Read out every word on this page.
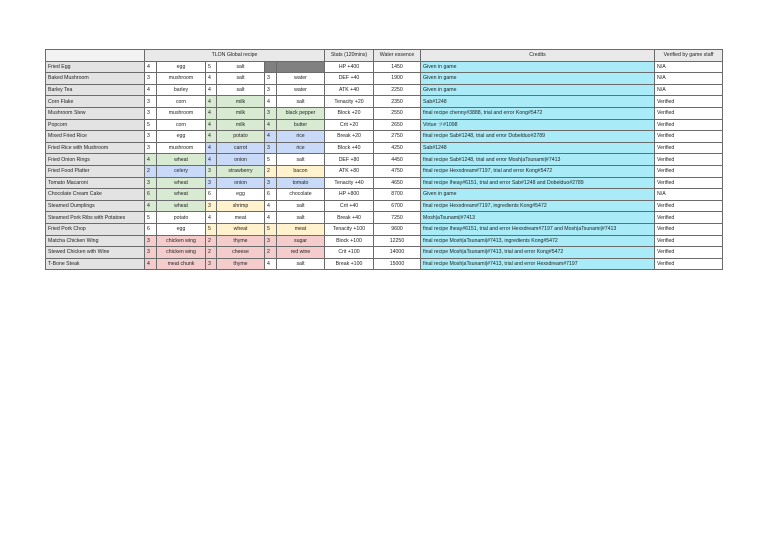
	TLON Global recipe						Stats (120mins)	Water essence	Credits	Verified by game staff
Fried Egg	4	egg	5	salt			HP +400	1450	Given in game	N/A
Baked Mushroom	3	mushroom	4	salt	3	water	DEF +40	1900	Given in game	N/A
Barley Tea	4	barley	4	salt	3	water	ATK +40	2250	Given in game	N/A
Corn Flake	3	corn	4	milk	4	salt	Tenacity +20	2350	Sab#1248	Verified
Mushroom Stew	3	mushroom	4	milk	3	black pepper	Block +20	2550	final recipe chenny#3888, trial and error Kong#5472	Verified
Popcorn	5	corn	4	milk	4	butter	Crit +20	2650	Virtue ツ#1098	Verified
Mixed Fried Rice	3	egg	4	potato	4	rice	Break +20	2750	final recipe Sab#1248, trial and error Dobelduo#2789	Verified
Fried Rice with Mushroom	3	mushroom	4	carrot	3	rice	Block +40	4250	Sab#1248	Verified
Fried Onion Rings	4	wheat	4	onion	5	salt	DEF +80	4450	final recipe Sab#1248, trial and error Mosh|aTsunami|#7413	Verified
Fried Food Platter	2	celery	3	strawberry	2	bacon	ATK +80	4750	final recipe Hexxdream#7197, trial and error Kong#5472	Verified
Tomato Macaroni	3	wheat	3	onion	3	tomato	Tenacity +40	4650	final recipe Iheay#6151, trial and error Sab#1248 and Dobelduo#2789	Verified
Chocolate Cream Cake	6	wheat	6	egg	6	chocolate	HP +800	8700	Given in game	N/A
Steamed Dumplings	4	wheat	3	shrimp	4	salt	Crit +40	6700	final recipe Hexxdream#7197, ingredients Kong#5472	Verified
Steamed Pork Ribs with Potatoes	5	potato	4	meat	4	salt	Break +40	7250	Mosh|aTsunami|#7413	Verified
Fried Pork Chop	6	egg	5	wheat	5	meat	Tenacity +100	9600	final recipe Iheay#6151, trial and error Hexxdream#7197 and Mosh|aTsunami|#7413	Verified
Matcha Chicken Wing	3	chicken wing	2	thyme	3	sugar	Block +100	12250	final recipe Mosh|aTsunami|#7413, ingredients Kong#5472	Verified
Stewed Chicken with Wine	3	chicken wing	2	cheese	2	red wine	Crit +100	14000	final recipe Mosh|aTsunami|#7413, trial and error Kong#5472	Verified
T-Bone Steak	4	meat chunk	3	thyme	4	salt	Break +100	15000	final recipe Mosh|aTsunami|#7413, trial and error Hexxdream#7197	Verified
